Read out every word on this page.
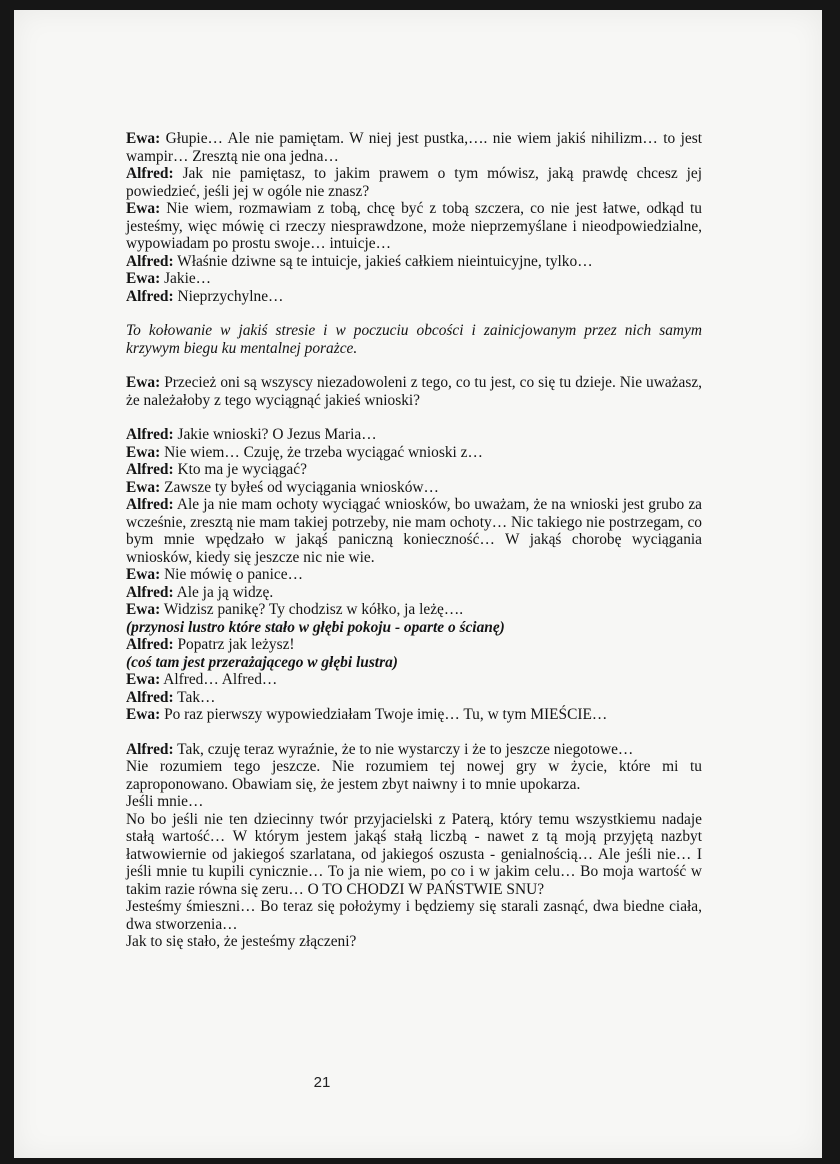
Ewa: Głupie… Ale nie pamiętam. W niej jest pustka,…. nie wiem jakiś nihilizm… to jest wampir… Zresztą nie ona jedna…
Alfred: Jak nie pamiętasz, to jakim prawem o tym mówisz, jaką prawdę chcesz jej powiedzieć, jeśli jej w ogóle nie znasz?
Ewa: Nie wiem, rozmawiam z tobą, chcę być z tobą szczera, co nie jest łatwe, odkąd tu jesteśmy, więc mówię ci rzeczy niesprawdzone, może nieprzemyślane i nieodpowiedzialne, wypowiadam po prostu swoje… intuicje…
Alfred: Właśnie dziwne są te intuicje, jakieś całkiem nieintuicyjne, tylko…
Ewa: Jakie…
Alfred: Nieprzychylne…
To kołowanie w jakiś stresie i w poczuciu obcości i zainicjowanym przez nich samym krzywym biegu ku mentalnej porażce.
Ewa: Przecież oni są wszyscy niezadowoleni z tego, co tu jest, co się tu dzieje. Nie uważasz, że należałoby z tego wyciągnąć jakieś wnioski?
Alfred: Jakie wnioski? O Jezus Maria…
Ewa: Nie wiem… Czuję, że trzeba wyciągać wnioski z…
Alfred: Kto ma je wyciągać?
Ewa: Zawsze ty byłeś od wyciągania wniosków…
Alfred: Ale ja nie mam ochoty wyciągać wniosków, bo uważam, że na wnioski jest grubo za wcześnie, zresztą nie mam takiej potrzeby, nie mam ochoty… Nic takiego nie postrzegam, co bym mnie wpędzało w jakąś paniczną konieczność… W jakąś chorobę wyciągania wniosków, kiedy się jeszcze nic nie wie.
Ewa: Nie mówię o panice…
Alfred: Ale ja ją widzę.
Ewa: Widzisz panikę? Ty chodzisz w kółko, ja leżę….
(przynosi lustro które stało w głębi pokoju - oparte o ścianę)
Alfred: Popatrz jak leżysz!
(coś tam jest przerażającego w głębi lustra)
Ewa: Alfred… Alfred…
Alfred: Tak…
Ewa: Po raz pierwszy wypowiedziałam Twoje imię… Tu, w tym MIEŚCIE…
Alfred: Tak, czuję teraz wyraźnie, że to nie wystarczy i że to jeszcze niegotowe…
Nie rozumiem tego jeszcze. Nie rozumiem tej nowej gry w życie, które mi tu zaproponowano. Obawiam się, że jestem zbyt naiwny i to mnie upokarza.
Jeśli mnie…
No bo jeśli nie ten dziecinny twór przyjacielski z Paterą, który temu wszystkiemu nadaje stałą wartość… W którym jestem jakąś stałą liczbą - nawet z tą moją przyjętą nazbyt łatwowiernie od jakiegoś szarlatana, od jakiegoś oszusta - genialnością… Ale jeśli nie… I jeśli mnie tu kupili cynicznie… To ja nie wiem, po co i w jakim celu… Bo moja wartość w takim razie równa się zeru… O TO CHODZI W PAŃSTWIE SNU?
Jesteśmy śmieszni… Bo teraz się położymy i będziemy się starali zasnąć, dwa biedne ciała, dwa stworzenia…
Jak to się stało, że jesteśmy złączeni?
21
